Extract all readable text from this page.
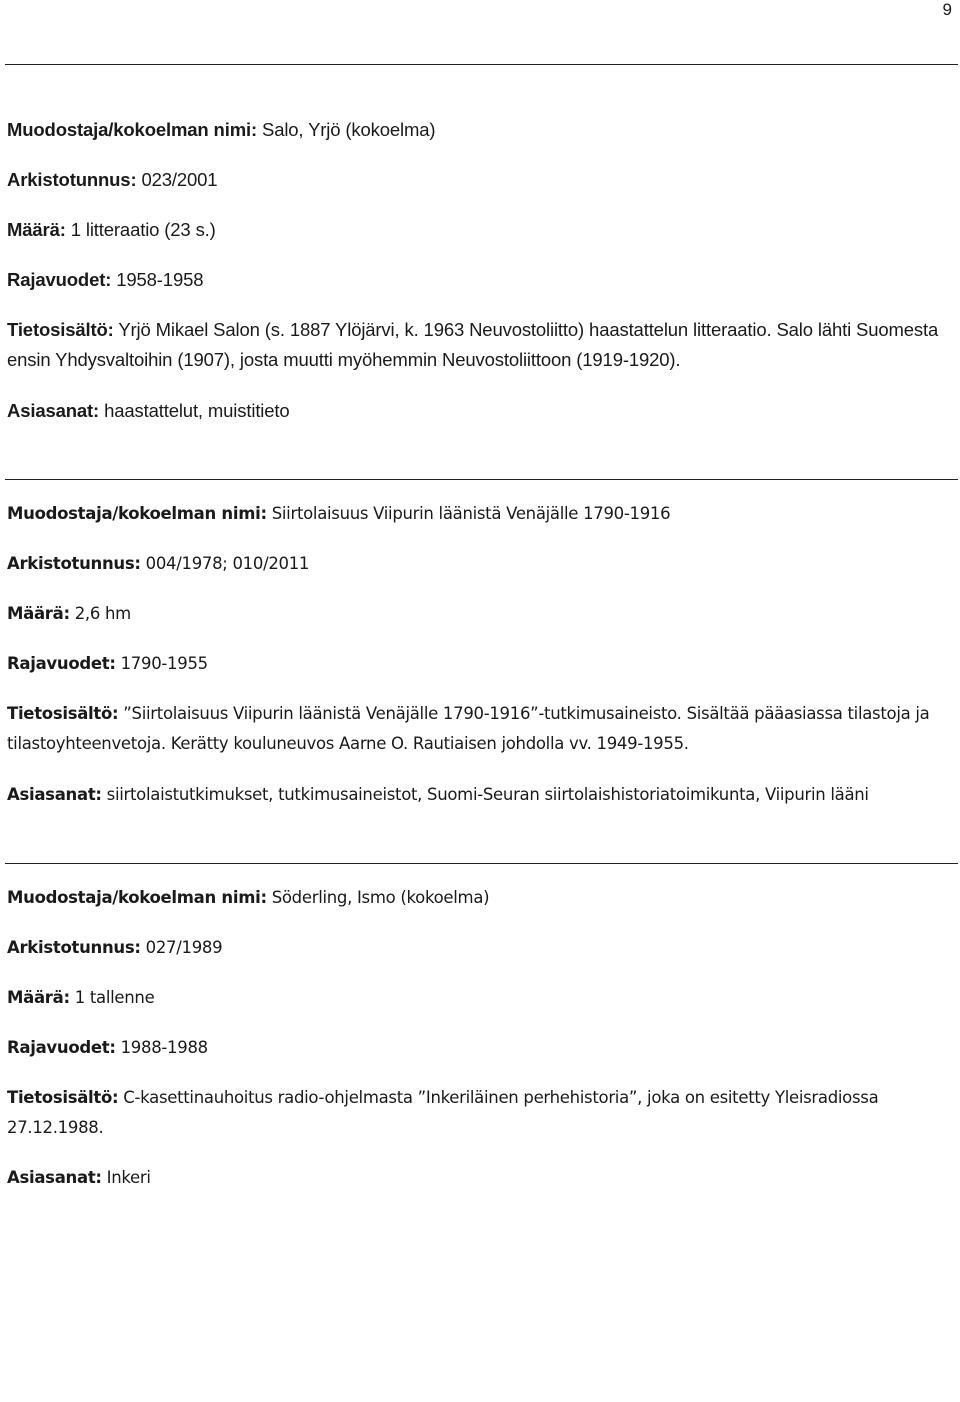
9
Muodostaja/kokoelman nimi: Salo, Yrjö (kokoelma)
Arkistotunnus: 023/2001
Määrä: 1 litteraatio (23 s.)
Rajavuodet: 1958-1958
Tietosisältö: Yrjö Mikael Salon (s. 1887 Ylöjärvi, k. 1963 Neuvostoliitto) haastattelun litteraatio. Salo lähti Suomesta ensin Yhdysvaltoihin (1907), josta muutti myöhemmin Neuvostoliittoon (1919-1920).
Asiasanat: haastattelut, muistitieto
Muodostaja/kokoelman nimi: Siirtolaisuus Viipurin läänistä Venäjälle 1790-1916
Arkistotunnus: 004/1978; 010/2011
Määrä: 2,6 hm
Rajavuodet: 1790-1955
Tietosisältö: ”Siirtolaisuus Viipurin läänistä Venäjälle 1790-1916”-tutkimusaineisto. Sisältää pääasiassa tilastoja ja tilastoyhteenvetoja. Kerätty kouluneuvos Aarne O. Rautiaisen johdolla vv. 1949-1955.
Asiasanat: siirtolaistutkimukset, tutkimusaineistot, Suomi-Seuran siirtolaishistoriatoimikunta, Viipurin lääni
Muodostaja/kokoelman nimi: Söderling, Ismo (kokoelma)
Arkistotunnus: 027/1989
Määrä: 1 tallenne
Rajavuodet: 1988-1988
Tietosisältö: C-kasettinauhoitus radio-ohjelmasta ”Inkeriläinen perhehistoria”, joka on esitetty Yleisradiossa 27.12.1988.
Asiasanat: Inkeri
